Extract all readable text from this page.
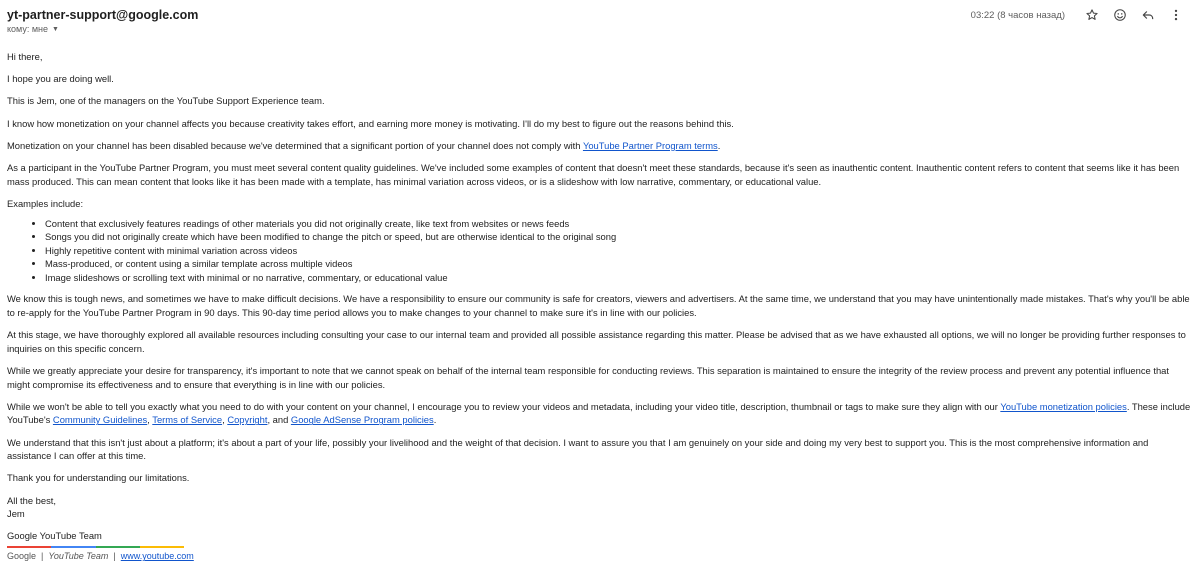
yt-partner-support@google.com
кому: мне ▼
03:22 (8 часов назад)

Hi there,

I hope you are doing well.

This is Jem, one of the managers on the YouTube Support Experience team.

I know how monetization on your channel affects you because creativity takes effort, and earning more money is motivating. I'll do my best to figure out the reasons behind this.

Monetization on your channel has been disabled because we've determined that a significant portion of your channel does not comply with YouTube Partner Program terms.

As a participant in the YouTube Partner Program, you must meet several content quality guidelines. We've included some examples of content that doesn't meet these standards, because it's seen as inauthentic content. Inauthentic content refers to content that seems like it has been mass produced. This can mean content that looks like it has been made with a template, has minimal variation across videos, or is a slideshow with low narrative, commentary, or educational value.

Examples include:

• Content that exclusively features readings of other materials you did not originally create, like text from websites or news feeds
• Songs you did not originally create which have been modified to change the pitch or speed, but are otherwise identical to the original song
• Highly repetitive content with minimal variation across videos
• Mass-produced, or content using a similar template across multiple videos
• Image slideshows or scrolling text with minimal or no narrative, commentary, or educational value

We know this is tough news, and sometimes we have to make difficult decisions. We have a responsibility to ensure our community is safe for creators, viewers and advertisers. At the same time, we understand that you may have unintentionally made mistakes. That's why you'll be able to re-apply for the YouTube Partner Program in 90 days. This 90-day time period allows you to make changes to your channel to make sure it's in line with our policies.

At this stage, we have thoroughly explored all available resources including consulting your case to our internal team and provided all possible assistance regarding this matter. Please be advised that as we have exhausted all options, we will no longer be providing further responses to inquiries on this specific concern.

While we greatly appreciate your desire for transparency, it's important to note that we cannot speak on behalf of the internal team responsible for conducting reviews. This separation is maintained to ensure the integrity of the review process and prevent any potential influence that might compromise its effectiveness and to ensure that everything is in line with our policies.

While we won't be able to tell you exactly what you need to do with your content on your channel, I encourage you to review your videos and metadata, including your video title, description, thumbnail or tags to make sure they align with our YouTube monetization policies. These include YouTube's Community Guidelines, Terms of Service, Copyright, and Google AdSense Program policies.

We understand that this isn't just about a platform; it's about a part of your life, possibly your livelihood and the weight of that decision. I want to assure you that I am genuinely on your side and doing my very best to support you. This is the most comprehensive information and assistance I can offer at this time.

Thank you for understanding our limitations.

All the best,
Jem

Google YouTube Team
Google | YouTube Team | www.youtube.com
